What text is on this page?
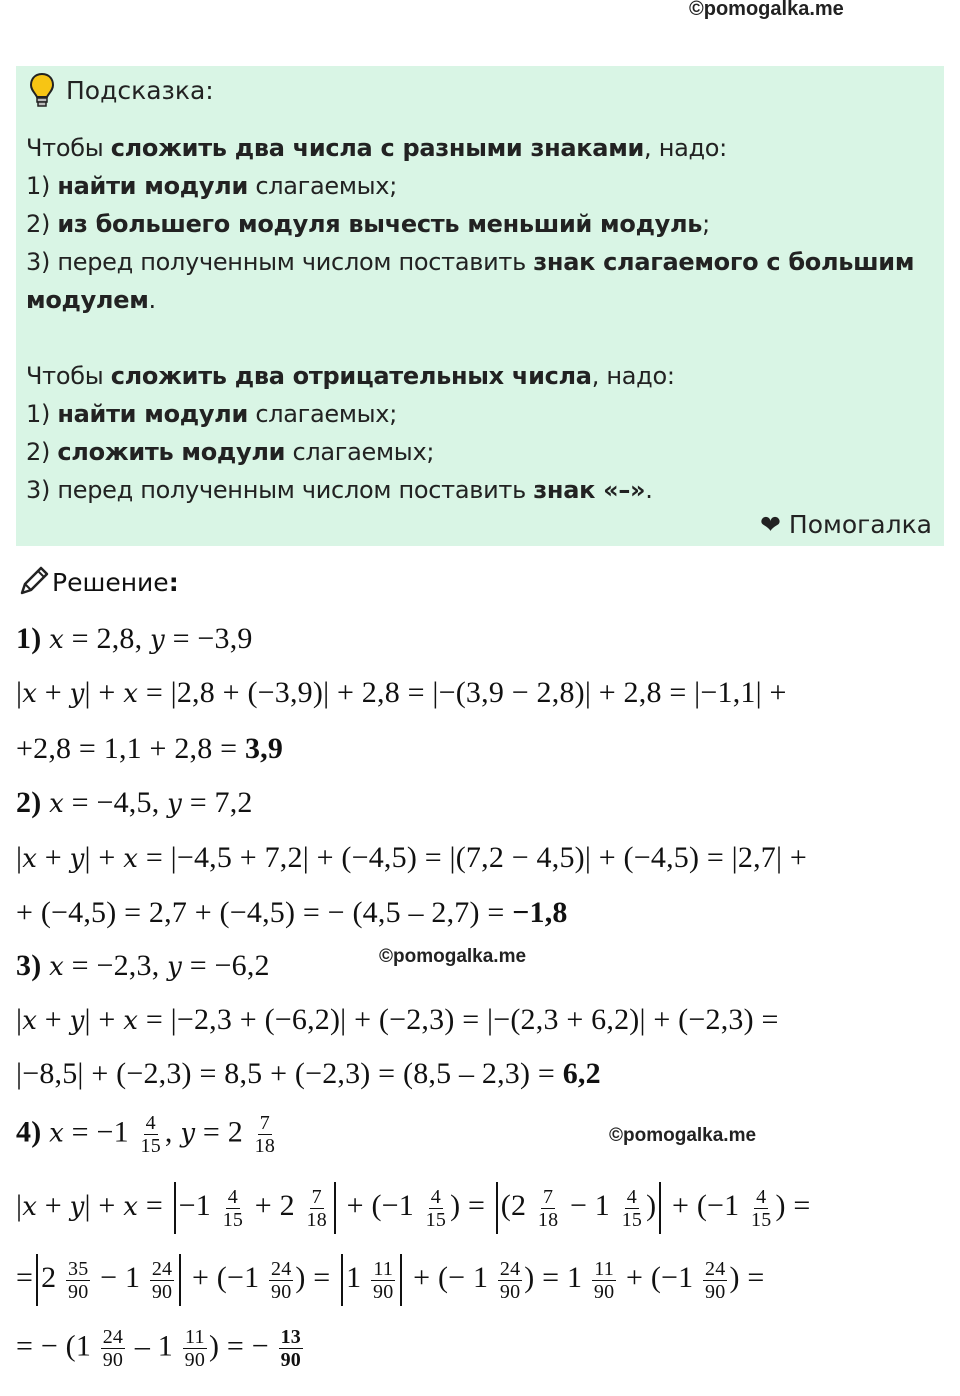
©pomogalka.me
Подсказка:
Чтобы сложить два числа с разными знаками, надо:
1) найти модули слагаемых;
2) из большего модуля вычесть меньший модуль;
3) перед полученным числом поставить знак слагаемого с большим
модулем.
Чтобы сложить два отрицательных числа, надо:
1) найти модули слагаемых;
2) сложить модули слагаемых;
3) перед полученным числом поставить знак «–».
❤ Помогалка
Решение:
1) x = 2,8, y = −3,9
|x + y| + x = |2,8 + (−3,9)| + 2,8 = |−(3,9 − 2,8)| + 2,8 = |−1,1| +
+2,8 = 1,1 + 2,8 = 3,9
2) x = −4,5, y = 7,2
|x + y| + x = |−4,5 + 7,2| + (−4,5) = |(7,2 − 4,5)| + (−4,5) = |2,7| +
+ (−4,5) = 2,7 + (−4,5) = − (4,5 – 2,7) = −1,8
©pomogalka.me
3) x = −2,3, y = −6,2
|x + y| + x = |−2,3 + (−6,2)| + (−2,3) = |−(2,3 + 6,2)| + (−2,3) =
|−8,5| + (−2,3) = 8,5 + (−2,3) = (8,5 – 2,3) = 6,2
4) $x = -1 \frac{4}{15}$ , $y = 2 \frac{7}{18}$	©pomogalka.me
$|x + y| + x = -1 \frac{4}{15} + 2 \frac{7}{18} + (-1 \frac{4}{15}$ ) = ($2 \frac{7}{18} - 1 \frac{4}{15}$ ) + ($-1 \frac{4}{15}$ ) =
= $2 \frac{35}{90} - 1 \frac{24}{90} + (-1 \frac{24}{90}$ ) = $1 \frac{11}{90}$ + (− $1 \frac{24}{90}$ ) = $1 \frac{11}{90} + (-1 \frac{24}{90}$ ) =
= − ($1 \frac{24}{90} - 1 \frac{11}{90}$ ) = − $\frac{13}{90}$
